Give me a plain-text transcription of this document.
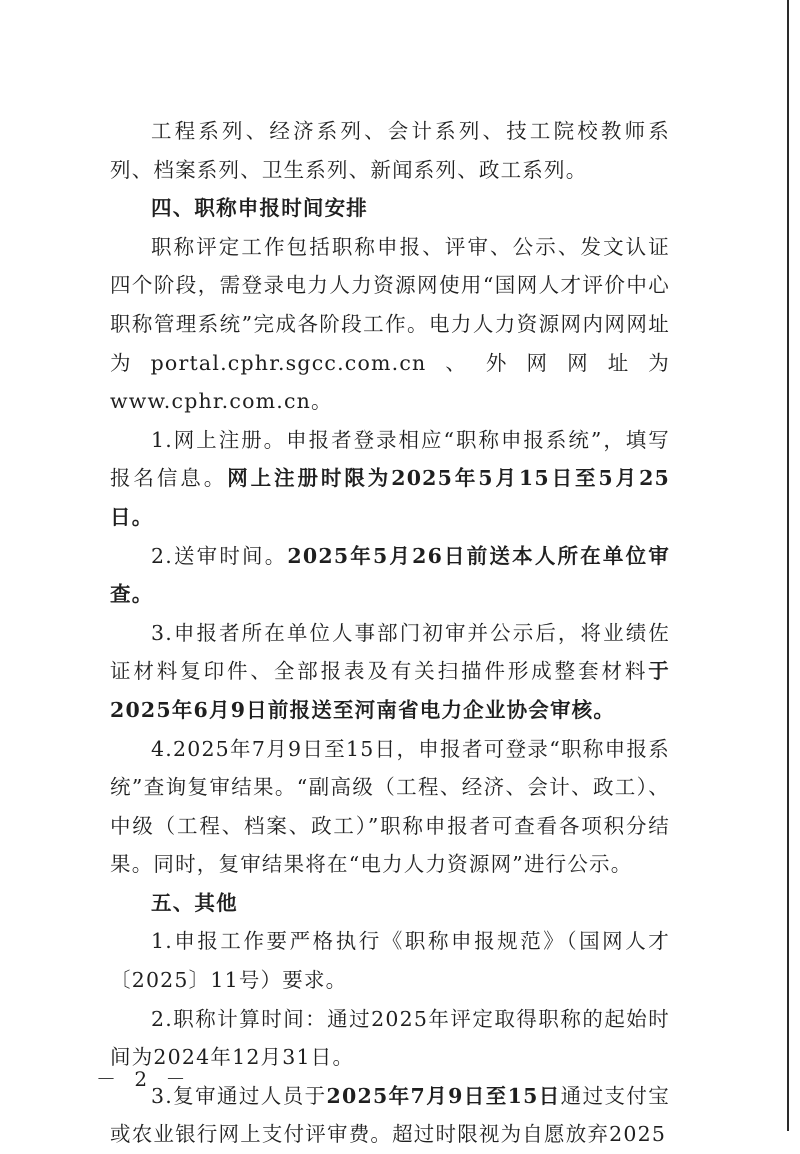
工程系列、经济系列、会计系列、技工院校教师系列、档案系列、卫生系列、新闻系列、政工系列。

四、职称申报时间安排

职称评定工作包括职称申报、评审、公示、发文认证四个阶段，需登录电力人力资源网使用“国网人才评价中心职称管理系统”完成各阶段工作。电力人力资源网内网网址为portal.cphr.sgcc.com.cn、外网网址为www.cphr.com.cn。

1.网上注册。申报者登录相应“职称申报系统”，填写报名信息。网上注册时限为2025年5月15日至5月25日。

2.送审时间。2025年5月26日前送本人所在单位审查。

3.申报者所在单位人事部门初审并公示后，将业绩佐证材料复印件、全部报表及有关扫描件形成整套材料于2025年6月9日前报送至河南省电力企业协会审核。

4.2025年7月9日至15日，申报者可登录“职称申报系统”查询复审结果。“副高级（工程、经济、会计、政工）、中级（工程、档案、政工）”职称申报者可查看各项积分结果。同时，复审结果将在“电力人力资源网”进行公示。

五、其他

1.申报工作要严格执行《职称申报规范》（国网人才〔2025〕11号）要求。

2.职称计算时间：通过2025年评定取得职称的起始时间为2024年12月31日。

3.复审通过人员于2025年7月9日至15日通过支付宝或农业银行网上支付评审费。超过时限视为自愿放弃2025

－ 2 －
